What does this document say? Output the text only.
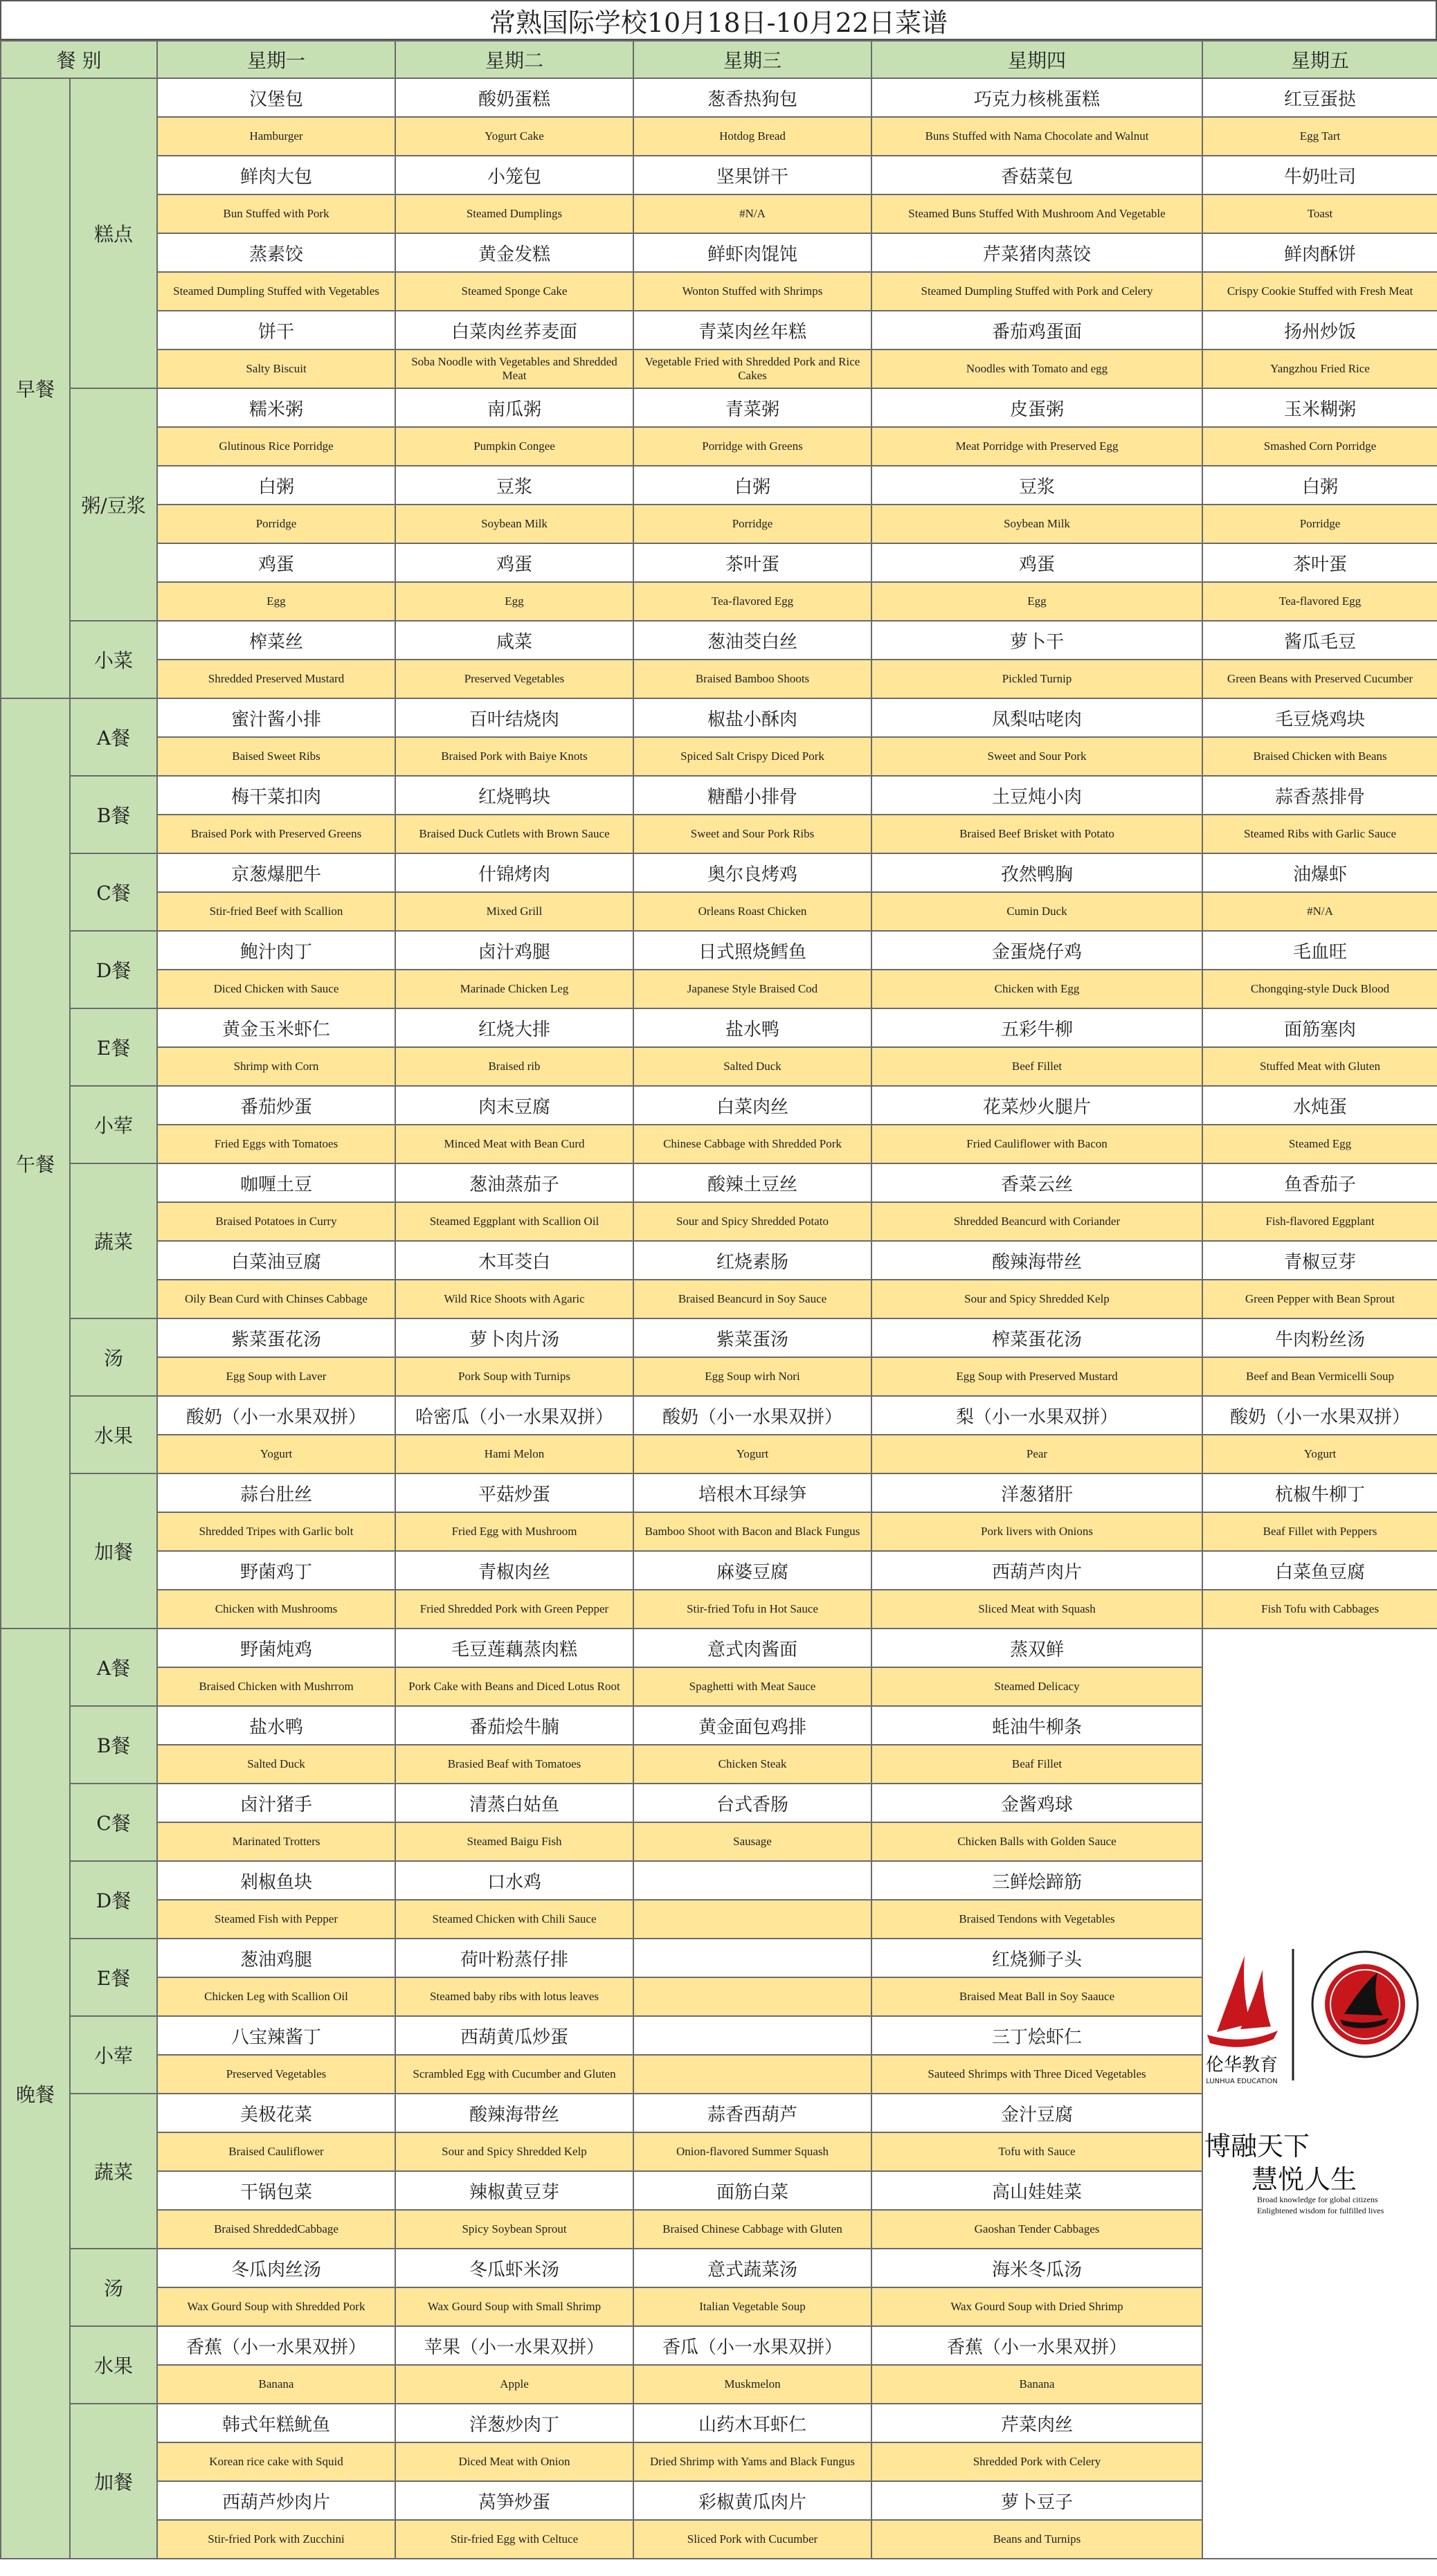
常熟国际学校10月18日-10月22日菜谱
餐 别		星期一	星期二	星期三	星期四	星期五
早餐	糕点	汉堡包	酸奶蛋糕	葱香热狗包	巧克力核桃蛋糕	红豆蛋挞
		Hamburger	Yogurt Cake	Hotdog Bread	Buns Stuffed with Nama Chocolate and Walnut	Egg Tart
		鲜肉大包	小笼包	坚果饼干	香菇菜包	牛奶吐司
		Bun Stuffed with Pork	Steamed Dumplings	#N/A	Steamed Buns Stuffed With Mushroom And Vegetable	Toast
		蒸素饺	黄金发糕	鲜虾肉馄饨	芹菜猪肉蒸饺	鲜肉酥饼
		Steamed Dumpling Stuffed with Vegetables	Steamed Sponge Cake	Wonton Stuffed with Shrimps	Steamed Dumpling Stuffed with Pork and Celery	Crispy Cookie Stuffed with Fresh Meat
		饼干	白菜肉丝荞麦面	青菜肉丝年糕	番茄鸡蛋面	扬州炒饭
		Salty Biscuit	Soba Noodle with Vegetables and Shredded Meat	Vegetable Fried with Shredded Pork and Rice Cakes	Noodles with Tomato and egg	Yangzhou Fried Rice
	粥/豆浆	糯米粥	南瓜粥	青菜粥	皮蛋粥	玉米糊粥
		Glutinous Rice Porridge	Pumpkin Congee	Porridge with Greens	Meat Porridge with Preserved Egg	Smashed Corn Porridge
		白粥	豆浆	白粥	豆浆	白粥
		Porridge	Soybean Milk	Porridge	Soybean Milk	Porridge
		鸡蛋	鸡蛋	茶叶蛋	鸡蛋	茶叶蛋
		Egg	Egg	Tea-flavored Egg	Egg	Tea-flavored Egg
	小菜	榨菜丝	咸菜	葱油茭白丝	萝卜干	酱瓜毛豆
		Shredded Preserved Mustard	Preserved Vegetables	Braised Bamboo Shoots	Pickled Turnip	Green Beans with Preserved Cucumber
午餐	A餐	蜜汁酱小排	百叶结烧肉	椒盐小酥肉	凤梨咕咾肉	毛豆烧鸡块
		Baised Sweet Ribs	Braised Pork with Baiye Knots	Spiced Salt Crispy Diced Pork	Sweet and Sour Pork	Braised Chicken with Beans
	B餐	梅干菜扣肉	红烧鸭块	糖醋小排骨	土豆炖小肉	蒜香蒸排骨
		Braised Pork with Preserved Greens	Braised Duck Cutlets with Brown Sauce	Sweet and Sour Pork Ribs	Braised Beef Brisket with Potato	Steamed Ribs with Garlic Sauce
	C餐	京葱爆肥牛	什锦烤肉	奥尔良烤鸡	孜然鸭胸	油爆虾
		Stir-fried Beef with Scallion	Mixed Grill	Orleans Roast Chicken	Cumin Duck	#N/A
	D餐	鲍汁肉丁	卤汁鸡腿	日式照烧鳕鱼	金蛋烧仔鸡	毛血旺
		Diced Chicken with Sauce	Marinade Chicken Leg	Japanese Style Braised Cod	Chicken with Egg	Chongqing-style Duck Blood
	E餐	黄金玉米虾仁	红烧大排	盐水鸭	五彩牛柳	面筋塞肉
		Shrimp with Corn	Braised rib	Salted Duck	Beef Fillet	Stuffed Meat with Gluten
	小荤	番茄炒蛋	肉末豆腐	白菜肉丝	花菜炒火腿片	水炖蛋
		Fried Eggs with Tomatoes	Minced Meat with Bean Curd	Chinese Cabbage with Shredded Pork	Fried Cauliflower with Bacon	Steamed Egg
	蔬菜	咖喱土豆	葱油蒸茄子	酸辣土豆丝	香菜云丝	鱼香茄子
		Braised Potatoes in Curry	Steamed Eggplant with Scallion Oil	Sour and Spicy Shredded Potato	Shredded Beancurd with Coriander	Fish-flavored Eggplant
		白菜油豆腐	木耳茭白	红烧素肠	酸辣海带丝	青椒豆芽
		Oily Bean Curd with Chinses Cabbage	Wild Rice Shoots with Agaric	Braised Beancurd in Soy Sauce	Sour and Spicy Shredded Kelp	Green Pepper with Bean Sprout
	汤	紫菜蛋花汤	萝卜肉片汤	紫菜蛋汤	榨菜蛋花汤	牛肉粉丝汤
		Egg Soup with Laver	Pork Soup with Turnips	Egg Soup wirh Nori	Egg Soup with Preserved Mustard	Beef and Bean Vermicelli Soup
	水果	酸奶（小一水果双拼）	哈密瓜（小一水果双拼）	酸奶（小一水果双拼）	梨（小一水果双拼）	酸奶（小一水果双拼）
		Yogurt	Hami Melon	Yogurt	Pear	Yogurt
	加餐	蒜台肚丝	平菇炒蛋	培根木耳绿笋	洋葱猪肝	杭椒牛柳丁
		Shredded Tripes with Garlic bolt	Fried Egg with Mushroom	Bamboo Shoot with Bacon and Black Fungus	Pork livers with Onions	Beaf Fillet with Peppers
		野菌鸡丁	青椒肉丝	麻婆豆腐	西葫芦肉片	白菜鱼豆腐
		Chicken with Mushrooms	Fried Shredded Pork with Green Pepper	Stir-fried Tofu in Hot Sauce	Sliced Meat with Squash	Fish Tofu with Cabbages
晚餐	A餐	野菌炖鸡	毛豆莲藕蒸肉糕	意式肉酱面	蒸双鲜	
		Braised Chicken with Mushrrom	Pork Cake with Beans and Diced Lotus Root	Spaghetti with Meat Sauce	Steamed Delicacy	
	B餐	盐水鸭	番茄烩牛腩	黄金面包鸡排	蚝油牛柳条	
		Salted Duck	Brasied Beaf with Tomatoes	Chicken Steak	Beaf Fillet	
	C餐	卤汁猪手	清蒸白姑鱼	台式香肠	金酱鸡球	
		Marinated Trotters	Steamed Baigu Fish	Sausage	Chicken Balls with Golden Sauce	
	D餐	剁椒鱼块	口水鸡		三鲜烩蹄筋	
		Steamed Fish with Pepper	Steamed Chicken with Chili Sauce		Braised Tendons with Vegetables	
	E餐	葱油鸡腿	荷叶粉蒸仔排		红烧狮子头	
		Chicken Leg with Scallion Oil	Steamed baby ribs with lotus leaves		Braised Meat Ball in Soy Saauce	
	小荤	八宝辣酱丁	西葫黄瓜炒蛋		三丁烩虾仁	
		Preserved Vegetables	Scrambled Egg with Cucumber and Gluten		Sauteed Shrimps with Three Diced Vegetables	
	蔬菜	美极花菜	酸辣海带丝	蒜香西葫芦	金汁豆腐	
		Braised Cauliflower	Sour and Spicy Shredded Kelp	Onion-flavored Summer Squash	Tofu with Sauce	
		干锅包菜	辣椒黄豆芽	面筋白菜	高山娃娃菜	
		Braised ShreddedCabbage	Spicy Soybean Sprout	Braised Chinese Cabbage with Gluten	Gaoshan Tender Cabbages	
	汤	冬瓜肉丝汤	冬瓜虾米汤	意式蔬菜汤	海米冬瓜汤	
		Wax Gourd Soup with Shredded Pork	Wax Gourd Soup with Small Shrimp	Italian Vegetable Soup	Wax Gourd Soup with Dried Shrimp	
	水果	香蕉（小一水果双拼）	苹果（小一水果双拼）	香瓜（小一水果双拼）	香蕉（小一水果双拼）	
		Banana	Apple	Muskmelon	Banana	
	加餐	韩式年糕鱿鱼	洋葱炒肉丁	山药木耳虾仁	芹菜肉丝	
		Korean rice cake with Squid	Diced Meat with Onion	Dried Shrimp with Yams and Black Fungus	Shredded Pork with Celery	
		西葫芦炒肉片	莴笋炒蛋	彩椒黄瓜肉片	萝卜豆子	
		Stir-fried Pork with Zucchini	Stir-fried Egg with Celtuce	Sliced Pork with Cucumber	Beans and Turnips	
伦华教育
LUNHUA EDUCATION
博融天下
慧悦人生
Broad knowledge for global citizens
Enlightened wisdom for fulfilled lives
